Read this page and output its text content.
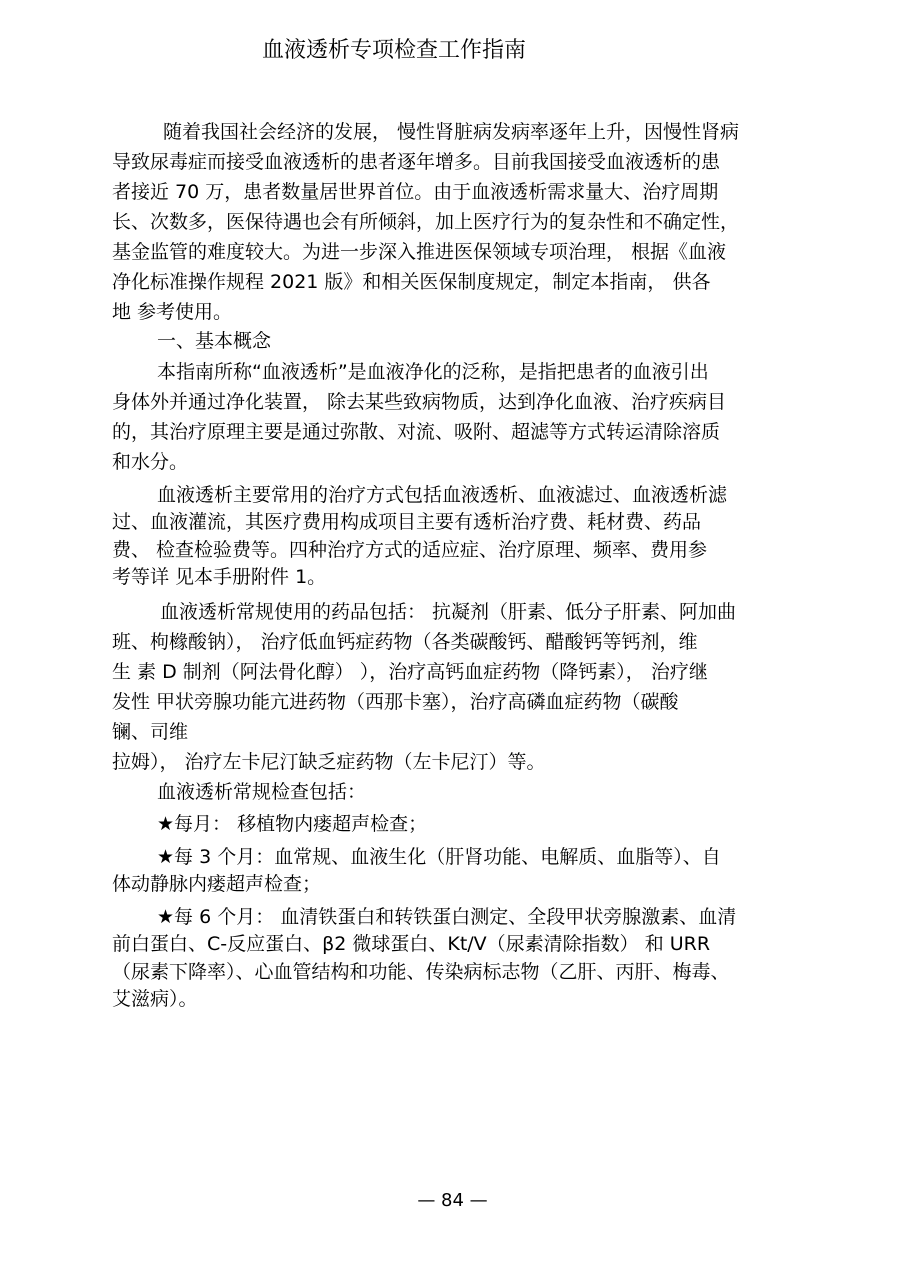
血液透析专项检查工作指南
随着我国社会经济的发展， 慢性肾脏病发病率逐年上升，因慢性肾病
导致尿毒症而接受血液透析的患者逐年增多。目前我国接受血液透析的患
者接近 70 万，患者数量居世界首位。由于血液透析需求量大、治疗周期
长、次数多，医保待遇也会有所倾斜，加上医疗行为的复杂性和不确定性，
基金监管的难度较大。为进一步深入推进医保领域专项治理， 根据《血液
净化标准操作规程 2021 版》和相关医保制度规定，制定本指南， 供各
地 参考使用。
一、基本概念
本指南所称“血液透析”是血液净化的泛称，是指把患者的血液引出
身体外并通过净化装置， 除去某些致病物质，达到净化血液、治疗疾病目
的，其治疗原理主要是通过弥散、对流、吸附、超滤等方式转运清除溶质
和水分。
血液透析主要常用的治疗方式包括血液透析、血液滤过、血液透析滤
过、血液灌流，其医疗费用构成项目主要有透析治疗费、耗材费、药品
费、 检查检验费等。四种治疗方式的适应症、治疗原理、频率、费用参
考等详 见本手册附件 1。
血液透析常规使用的药品包括： 抗凝剂（肝素、低分子肝素、阿加曲
班、枸橼酸钠）， 治疗低血钙症药物（各类碳酸钙、醋酸钙等钙剂，维
生 素 D 制剂（阿法骨化醇） ），治疗高钙血症药物（降钙素）， 治疗继
发性 甲状旁腺功能亢进药物（西那卡塞），治疗高磷血症药物（碳酸
镧、司维
拉姆）， 治疗左卡尼汀缺乏症药物（左卡尼汀）等。
血液透析常规检查包括：
★每月： 移植物内瘘超声检查；
★每 3 个月：血常规、血液生化（肝肾功能、电解质、血脂等）、自
体动静脉内瘘超声检查；
★每 6 个月： 血清铁蛋白和转铁蛋白测定、全段甲状旁腺激素、血清
前白蛋白、C-反应蛋白、β2 微球蛋白、Kt/V（尿素清除指数） 和 URR
（尿素下降率）、心血管结构和功能、传染病标志物（乙肝、丙肝、梅毒、
艾滋病）。
— 84 —
